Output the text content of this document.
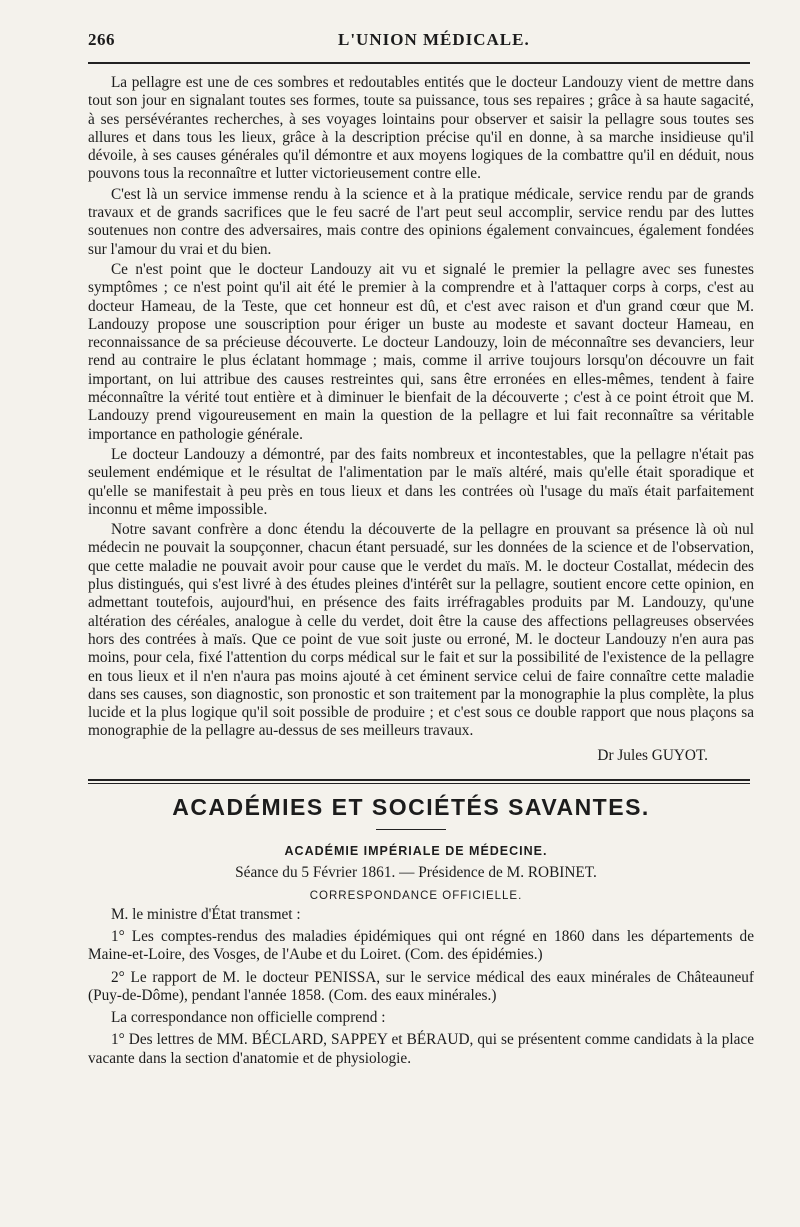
266	L'UNION MÉDICALE.

La pellagre est une de ces sombres et redoutables entités que le docteur Landouzy vient de mettre dans tout son jour en signalant toutes ses formes, toute sa puissance, tous ses repaires ; grâce à sa haute sagacité, à ses persévérantes recherches, à ses voyages lointains pour observer et saisir la pellagre sous toutes ses allures et dans tous les lieux, grâce à la description précise qu'il en donne, à sa marche insidieuse qu'il dévoile, à ses causes générales qu'il démontre et aux moyens logiques de la combattre qu'il en déduit, nous pouvons tous la reconnaître et lutter victorieusement contre elle.

C'est là un service immense rendu à la science et à la pratique médicale, service rendu par de grands travaux et de grands sacrifices que le feu sacré de l'art peut seul accomplir, service rendu par des luttes soutenues non contre des adversaires, mais contre des opinions également convaincues, également fondées sur l'amour du vrai et du bien.

Ce n'est point que le docteur Landouzy ait vu et signalé le premier la pellagre avec ses funestes symptômes ; ce n'est point qu'il ait été le premier à la comprendre et à l'attaquer corps à corps, c'est au docteur Hameau, de la Teste, que cet honneur est dû, et c'est avec raison et d'un grand cœur que M. Landouzy propose une souscription pour ériger un buste au modeste et savant docteur Hameau, en reconnaissance de sa précieuse découverte. Le docteur Landouzy, loin de méconnaître ses devanciers, leur rend au contraire le plus éclatant hommage ; mais, comme il arrive toujours lorsqu'on découvre un fait important, on lui attribue des causes restreintes qui, sans être erronées en elles-mêmes, tendent à faire méconnaître la vérité tout entière et à diminuer le bienfait de la découverte ; c'est à ce point étroit que M. Landouzy prend vigoureusement en main la question de la pellagre et lui fait reconnaître sa véritable importance en pathologie générale.

Le docteur Landouzy a démontré, par des faits nombreux et incontestables, que la pellagre n'était pas seulement endémique et le résultat de l'alimentation par le maïs altéré, mais qu'elle était sporadique et qu'elle se manifestait à peu près en tous lieux et dans les contrées où l'usage du maïs était parfaitement inconnu et même impossible.

Notre savant confrère a donc étendu la découverte de la pellagre en prouvant sa présence là où nul médecin ne pouvait la soupçonner, chacun étant persuadé, sur les données de la science et de l'observation, que cette maladie ne pouvait avoir pour cause que le verdet du maïs. M. le docteur Costallat, médecin des plus distingués, qui s'est livré à des études pleines d'intérêt sur la pellagre, soutient encore cette opinion, en admettant toutefois, aujourd'hui, en présence des faits irréfragables produits par M. Landouzy, qu'une altération des céréales, analogue à celle du verdet, doit être la cause des affections pellagreuses observées hors des contrées à maïs. Que ce point de vue soit juste ou erroné, M. le docteur Landouzy n'en aura pas moins, pour cela, fixé l'attention du corps médical sur le fait et sur la possibilité de l'existence de la pellagre en tous lieux et il n'en n'aura pas moins ajouté à cet éminent service celui de faire connaître cette maladie dans ses causes, son diagnostic, son pronostic et son traitement par la monographie la plus complète, la plus lucide et la plus logique qu'il soit possible de produire ; et c'est sous ce double rapport que nous plaçons sa monographie de la pellagre au-dessus de ses meilleurs travaux.

Dr Jules GUYOT.
ACADÉMIES ET SOCIÉTÉS SAVANTES.
ACADÉMIE IMPÉRIALE DE MÉDECINE.
Séance du 5 Février 1861. — Présidence de M. ROBINET.
CORRESPONDANCE OFFICIELLE.

M. le ministre d'État transmet :

1° Les comptes-rendus des maladies épidémiques qui ont régné en 1860 dans les départements de Maine-et-Loire, des Vosges, de l'Aube et du Loiret. (Com. des épidémies.)

2° Le rapport de M. le docteur PENISSA, sur le service médical des eaux minérales de Châteauneuf (Puy-de-Dôme), pendant l'année 1858. (Com. des eaux minérales.)

La correspondance non officielle comprend :

1° Des lettres de MM. BÉCLARD, SAPPEY et BÉRAUD, qui se présentent comme candidats à la place vacante dans la section d'anatomie et de physiologie.
